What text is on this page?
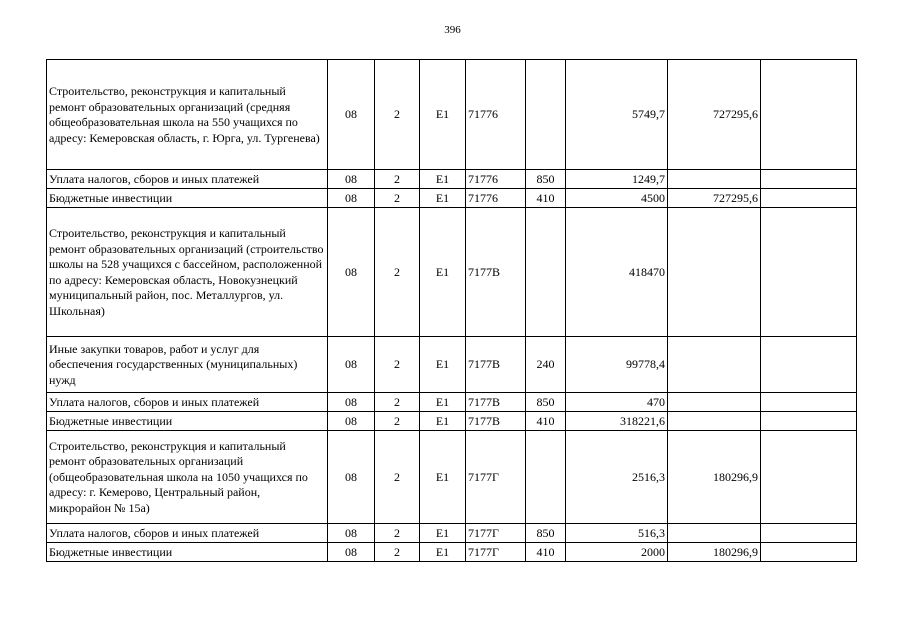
396
Строительство, реконструкция и капитальный ремонт образовательных организаций (средняя общеобразовательная школа на 550 учащихся по адресу: Кемеровская область, г. Юрга, ул. Тургенева)	08	2	E1	71776		5749,7	727295,6	
Уплата налогов, сборов и иных платежей	08	2	E1	71776	850	1249,7		
Бюджетные инвестиции	08	2	E1	71776	410	4500	727295,6	
Строительство, реконструкция и капитальный ремонт образовательных организаций (строительство школы на 528 учащихся с бассейном, расположенной по адресу: Кемеровская область, Новокузнецкий муниципальный район, пос. Металлургов, ул. Школьная)	08	2	E1	7177В		418470		
Иные закупки товаров, работ и услуг для обеспечения государственных (муниципальных) нужд	08	2	E1	7177В	240	99778,4		
Уплата налогов, сборов и иных платежей	08	2	E1	7177В	850	470		
Бюджетные инвестиции	08	2	E1	7177В	410	318221,6		
Строительство, реконструкция и капитальный ремонт образовательных организаций (общеобразовательная школа на 1050 учащихся по адресу: г. Кемерово, Центральный район, микрорайон № 15а)	08	2	E1	7177Г		2516,3	180296,9	
Уплата налогов, сборов и иных платежей	08	2	E1	7177Г	850	516,3		
Бюджетные инвестиции	08	2	E1	7177Г	410	2000	180296,9	
